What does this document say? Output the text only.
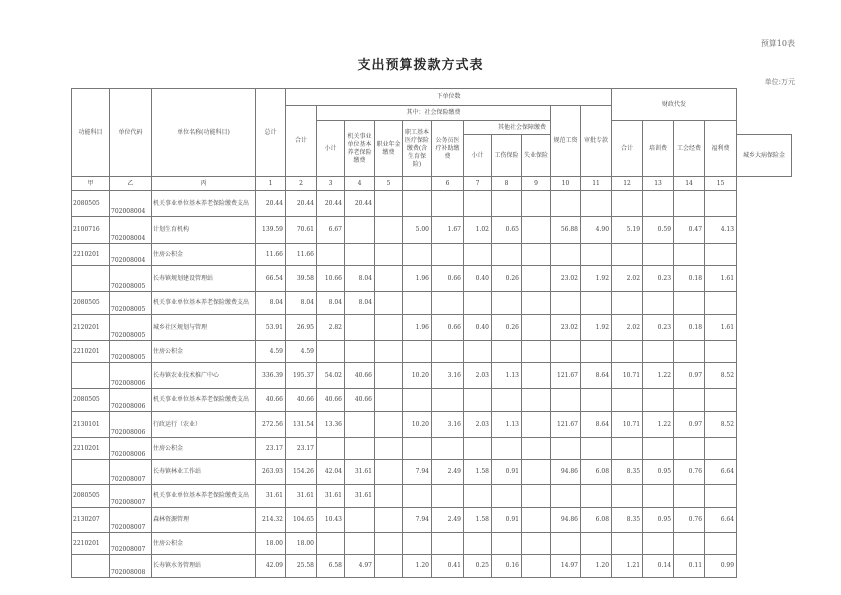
预算10表
支出预算拨款方式表
单位:万元
功能科目	单位代码	单位名称(功能科目)	总计	下单位数											财政代发				
				合计	其中：社会保险缴费								规范工资	审批专款					
					小计	机关事业单位基本养老保险缴费	职业年金缴费	职工基本医疗保险缴费(含生育保险)	公务员医疗补助缴费	其他社会保障缴费					合计	培训费	工会经费	福利费	
										小计	工伤保险	失业保险							城乡大病保险金
甲	乙	丙	1	2	3	4	5		6	7	8	9	10	11	12	13	14	15	
2080505	702008004	机关事业单位基本养老保险缴费支出	20.44	20.44	20.44	20.44													
2100716	702008004	计划生育机构	139.59	70.61	6.67			5.00	1.67	1.02	0.65		56.88	4.90	5.19	0.59	0.47	4.13	
2210201	702008004	住房公积金	11.66	11.66															
	702008005	长寿镇规划建设管理站	66.54	39.58	10.66	8.04		1.96	0.66	0.40	0.26		23.02	1.92	2.02	0.23	0.18	1.61	
2080505	702008005	机关事业单位基本养老保险缴费支出	8.04	8.04	8.04	8.04													
2120201	702008005	城乡社区规划与管理	53.91	26.95	2.82			1.96	0.66	0.40	0.26		23.02	1.92	2.02	0.23	0.18	1.61	
2210201	702008005	住房公积金	4.59	4.59															
	702008006	长寿镇农业技术推广中心	336.39	195.37	54.02	40.66		10.20	3.16	2.03	1.13		121.67	8.64	10.71	1.22	0.97	8.52	
2080505	702008006	机关事业单位基本养老保险缴费支出	40.66	40.66	40.66	40.66													
2130101	702008006	行政运行（农业）	272.56	131.54	13.36			10.20	3.16	2.03	1.13		121.67	8.64	10.71	1.22	0.97	8.52	
2210201	702008006	住房公积金	23.17	23.17															
	702008007	长寿镇林业工作站	263.93	154.26	42.04	31.61		7.94	2.49	1.58	0.91		94.86	6.08	8.35	0.95	0.76	6.64	
2080505	702008007	机关事业单位基本养老保险缴费支出	31.61	31.61	31.61	31.61													
2130207	702008007	森林资源管理	214.32	104.65	10.43			7.94	2.49	1.58	0.91		94.86	6.08	8.35	0.95	0.76	6.64	
2210201	702008007	住房公积金	18.00	18.00															
	702008008	长寿镇水务管理站	42.09	25.58	6.58	4.97		1.20	0.41	0.25	0.16		14.97	1.20	1.21	0.14	0.11	0.99	
